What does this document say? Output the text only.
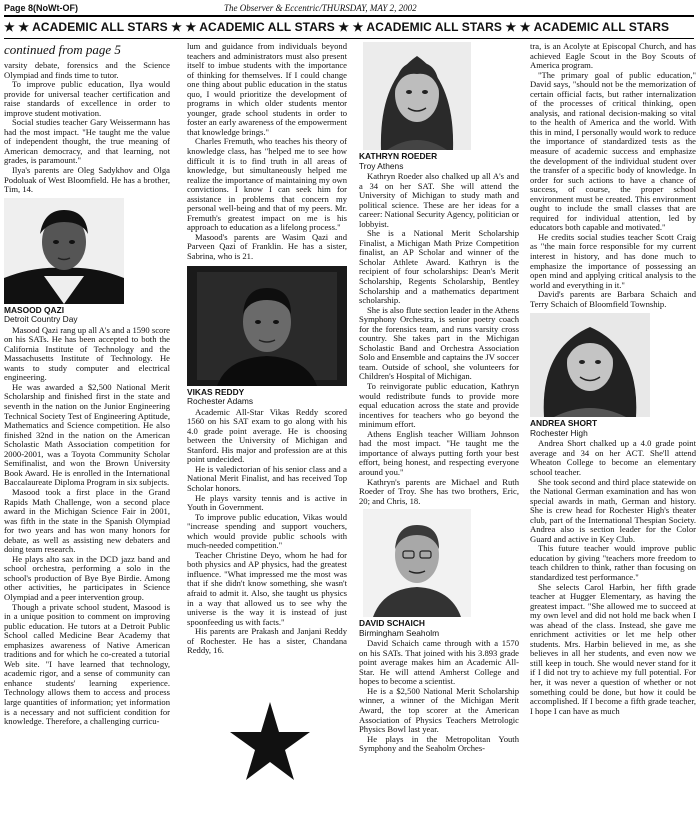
Page 8(NoWt-OF)	The Observer & Eccentric/THURSDAY, MAY 2, 2002
★ ★ ACADEMIC ALL STARS ★ ★ ACADEMIC ALL STARS ★ ★ ACADEMIC ALL STARS ★ ★ ACADEMIC ALL STARS
continued from page 5

varsity debate, forensics and the Science Olympiad and finds time to tutor.

To improve public education, Ilya would provide for universal teacher certification and raise standards of excellence in order to improve student motivation.

Social studies teacher Gary Weissermann has had the most impact. "He taught me the value of independent thought, the true meaning of American democracy, and that learning, not grades, is paramount."

Ilya's parents are Oleg Sadykhov and Olga Podoluak of West Bloomfield. He has a brother, Tim, 14.

MASOOD QAZI
Detroit Country Day

Masood Qazi rang up all A's and a 1590 score on his SATs. He has been accepted to both the California Institute of Technology and the Massachusetts Institute of Technology. He wants to study computer and electrical engineering.

He was awarded a $2,500 National Merit Scholarship and finished first in the state and seventh in the nation on the Junior Engineering Technical Society Test of Engineering Aptitude, Mathematics and Science competition. He also finished 32nd in the nation on the American Scholastic Math Association competition for 2000-2001, was a Toyota Community Scholar Semifinalist, and won the Brown University Book Award. He is enrolled in the International Baccalaureate Diploma Program in six subjects.

Masood took a first place in the Grand Rapids Math Challenge, won a second place award in the Michigan Science Fair in 2001, was fifth in the state in the Spanish Olympiad for two years and has won many honors for debate, as well as assisting new debaters and doing team research.

He plays alto sax in the DCD jazz band and school orchestra, performing a solo in the school's production of Bye Bye Birdie. Among other activities, he participates in Science Olympiad and a peer intervention group.

Though a private school student, Masood is in a unique position to comment on improving public education. He tutors at a Detroit Public School called Medicine Bear Academy that emphasizes awareness of Native American traditions and for which he co-created a tutorial Web site. "I have learned that technology, academic rigor, and a sense of community can enhance students' learning experience. Technology allows them to access and process large quantities of information; yet information is a necessary and not sufficient condition for knowledge. Therefore, a challenging curricu-

lum and guidance from individuals beyond teachers and administrators must also present itself to imbue students with the importance of thinking for themselves. If I could change one thing about public education in the status quo, I would prioritize the development of programs in which older students mentor younger, grade school students in order to foster an early awareness of the empowerment that knowledge brings."

Charles Fremuth, who teaches his theory of knowledge class, has "helped me to see how difficult it is to find truth in all areas of knowledge, but simultaneously helped me realize the importance of maintaining my own convictions. I know I can seek him for assistance in problems that concern my personal well-being and that of my peers. Mr. Fremuth's greatest impact on me is his approach to education as a lifelong process."

Masood's parents are Wasim Qazi and Parveen Qazi of Franklin. He has a sister, Sabrina, who is 21.

VIKAS REDDY
Rochester Adams

Academic All-Star Vikas Reddy scored 1560 on his SAT exam to go along with his 4.0 grade point average. He is choosing between the University of Michigan and Stanford. His major and profession are at this point undecided.

He is valedictorian of his senior class and a National Merit Finalist, and has received Top Scholar honors.

He plays varsity tennis and is active in Youth in Government.

To improve public education, Vikas would "increase spending and support vouchers, which would provide public schools with much-needed competition."

Teacher Christine Deyo, whom he had for both physics and AP physics, had the greatest influence. "What impressed me the most was that if she didn't know something, she wasn't afraid to admit it. Also, she taught us physics in a way that allowed us to see why the universe is the way it is instead of just spoonfeeding us with facts."

His parents are Prakash and Janjani Reddy of Rochester. He has a sister, Chandana Reddy, 16.

KATHRYN ROEDER
Troy Athens

Kathryn Roeder also chalked up all A's and a 34 on her SAT. She will attend the University of Michigan to study math and political science. These are her ideas for a career: National Security Agency, politician or lobbyist.

She is a National Merit Scholarship Finalist, a Michigan Math Prize Competition finalist, an AP Scholar and winner of the Scholar Athlete Award. Kathryn is the recipient of four scholarships: Dean's Merit Scholarship, Regents Scholarship, Bentley Scholarship and a mathematics department scholarship.

She is also flute section leader in the Athens Symphony Orchestra, is senior poetry coach for the forensics team, and runs varsity cross country. She takes part in the Michigan Scholastic Band and Orchestra Association Solo and Ensemble and captains the JV soccer team. Outside of school, she volunteers for Children's Hospital of Michigan.

To reinvigorate public education, Kathryn would redistribute funds to provide more equal education across the state and provide incentives for teachers who go beyond the minimum effort.

Athens English teacher William Johnson had the most impact. "He taught me the importance of always putting forth your best effort, being honest, and respecting everyone around you."

Kathryn's parents are Michael and Ruth Roeder of Troy. She has two brothers, Eric, 20; and Chris, 18.

DAVID SCHAICH
Birmingham Seaholm

David Schaich came through with a 1570 on his SATs. That joined with his 3.893 grade point average makes him an Academic All-Star. He will attend Amherst College and hopes to become a scientist.

He is a $2,500 National Merit Scholarship winner, a winner of the Michigan Merit Award, the top scorer at the American Association of Physics Teachers Metrologic Physics Bowl last year.

He plays in the Metropolitan Youth Symphony and the Seaholm Orches-

tra, is an Acolyte at Episcopal Church, and has achieved Eagle Scout in the Boy Scouts of America program.

"The primary goal of public education," David says, "should not be the memorization of certain official facts, but rather internalization of the processes of critical thinking, open analysis, and rational decision-making so vital to the health of America and the world. With this in mind, I personally would work to reduce the importance of standardized tests as the measure of academic success and emphasize the development of the individual student over the transfer of a specific body of knowledge. In order for such actions to have a chance of success, of course, the proper school environment must be created. This environment ought to include the small classes that are required for individual attention, led by educators both capable and motivated."

He credits social studies teacher Scott Craig as "the main force responsible for my current interest in history, and has done much to emphasize the importance of possessing an open mind and applying critical analysis to the world and everything in it."

David's parents are Barbara Schaich and Terry Schaich of Bloomfield Township.

ANDREA SHORT
Rochester High

Andrea Short chalked up a 4.0 grade point average and 34 on her ACT. She'll attend Wheaton College to become an elementary school teacher.

She took second and third place statewide on the National German examination and has won special awards in math, German and history. She is crew head for Rochester High's theater club, part of the International Thespian Society. Andrea also is section leader for the Color Guard and active in Key Club.

This future teacher would improve public education by giving "teachers more freedom to teach children to think, rather than focusing on standardized test performance."

She selects Carol Harbin, her fifth grade teacher at Hugger Elementary, as having the greatest impact. "She allowed me to succeed at my own level and did not hold me back when I was ahead of the class. Instead, she gave me enrichment activities or let me help other students. Mrs. Harbin believed in me, as she believes in all her students, and even now we still keep in touch. She would never stand for it if I did not try to achieve my full potential. For her, it was never a question of whether or not something could be done, but how it could be accomplished. If I become a fifth grade teacher, I hope I can have as much
